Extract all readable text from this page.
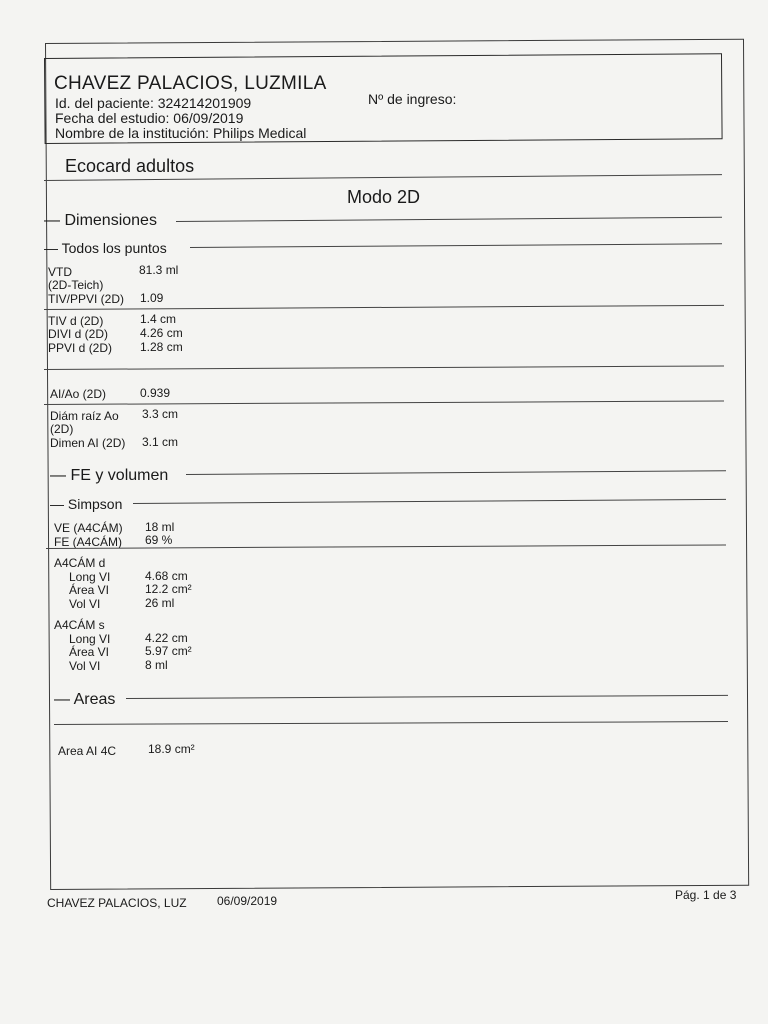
CHAVEZ PALACIOS, LUZMILA
Id. del paciente: 324214201909	Nº de ingreso:
Fecha del estudio: 06/09/2019
Nombre de la institución: Philips Medical
Ecocard adultos
Modo 2D
— Dimensiones
— Todos los puntos
VTD	81.3 ml
(2D-Teich)
TIV/PPVI (2D) 1.09
TIV d (2D)	1.4 cm
DIVI d (2D)	4.26 cm
PPVI d (2D) 1.28 cm
AI/Ao (2D)	0.939
Diám raíz Ao 3.3 cm
(2D)
Dimen AI (2D) 3.1 cm
— FE y volumen
— Simpson
VE (A4CÁM) 18 ml
FE (A4CÁM) 69 %
A4CÁM d
Long VI	4.68 cm
Área VI	12.2 cm²
Vol VI	26 ml
A4CÁM s
Long VI	4.22 cm
Área VI	5.97 cm²
Vol VI	8 ml
— Areas
Area AI 4C	18.9 cm²
CHAVEZ PALACIOS, LUZ	06/09/2019	Pág. 1 de 3
